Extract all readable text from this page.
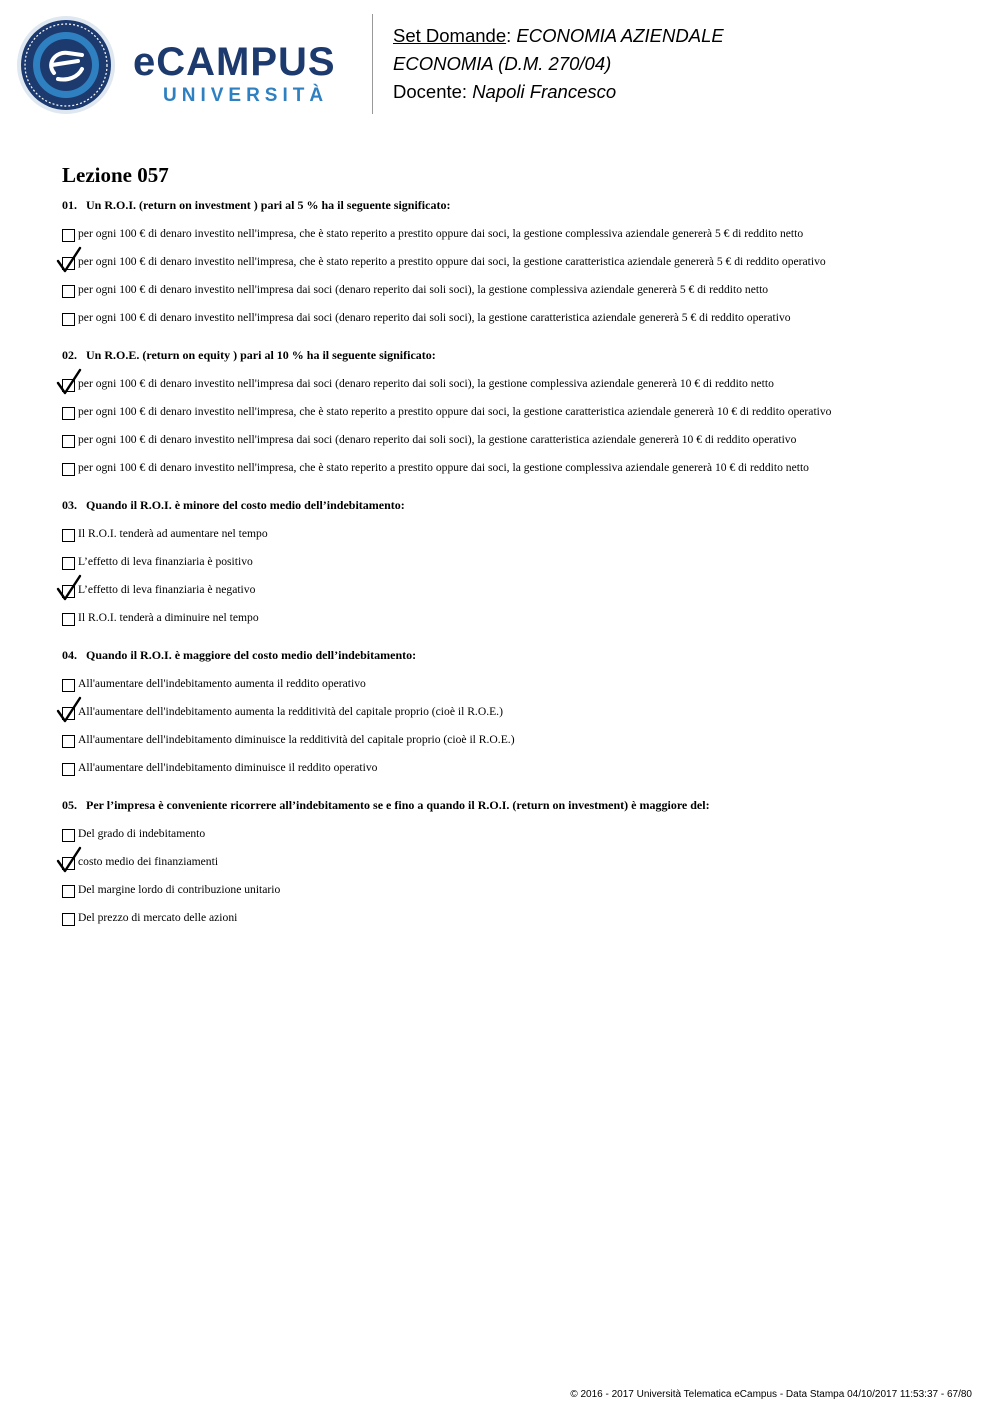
eCAMPUS
UNIVERSITÀ
Set Domande: ECONOMIA AZIENDALE
ECONOMIA (D.M. 270/04)
Docente: Napoli Francesco
Lezione 057
01. Un R.O.I. (return on investment ) pari al 5 % ha il seguente significato:
per ogni 100 € di denaro investito nell'impresa, che è stato reperito a prestito oppure dai soci, la gestione complessiva aziendale genererà 5 € di reddito netto
per ogni 100 € di denaro investito nell'impresa, che è stato reperito a prestito oppure dai soci, la gestione caratteristica aziendale genererà 5 € di reddito operativo
per ogni 100 € di denaro investito nell'impresa dai soci (denaro reperito dai soli soci), la gestione complessiva aziendale genererà 5 € di reddito netto
per ogni 100 € di denaro investito nell'impresa dai soci (denaro reperito dai soli soci), la gestione caratteristica aziendale genererà 5 € di reddito operativo
02. Un R.O.E. (return on equity ) pari al 10 % ha il seguente significato:
per ogni 100 € di denaro investito nell'impresa dai soci (denaro reperito dai soli soci), la gestione complessiva aziendale genererà 10 € di reddito netto
per ogni 100 € di denaro investito nell'impresa, che è stato reperito a prestito oppure dai soci, la gestione caratteristica aziendale genererà 10 € di reddito operativo
per ogni 100 € di denaro investito nell'impresa dai soci (denaro reperito dai soli soci), la gestione caratteristica aziendale genererà 10 € di reddito operativo
per ogni 100 € di denaro investito nell'impresa, che è stato reperito a prestito oppure dai soci, la gestione complessiva aziendale genererà 10 € di reddito netto
03. Quando il R.O.I. è minore del costo medio dell’indebitamento:
Il R.O.I. tenderà ad aumentare nel tempo
L’effetto di leva finanziaria è positivo
L’effetto di leva finanziaria è negativo
Il R.O.I. tenderà a diminuire nel tempo
04. Quando il R.O.I. è maggiore del costo medio dell’indebitamento:
All'aumentare dell'indebitamento aumenta il reddito operativo
All'aumentare dell'indebitamento aumenta la redditività del capitale proprio (cioè il R.O.E.)
All'aumentare dell'indebitamento diminuisce la redditività del capitale proprio (cioè il R.O.E.)
All'aumentare dell'indebitamento diminuisce il reddito operativo
05. Per l’impresa è conveniente ricorrere all’indebitamento se e fino a quando il R.O.I. (return on investment) è maggiore del:
Del grado di indebitamento
costo medio dei finanziamenti
Del margine lordo di contribuzione unitario
Del prezzo di mercato delle azioni
© 2016 - 2017 Università Telematica eCampus - Data Stampa 04/10/2017 11:53:37 - 67/80
